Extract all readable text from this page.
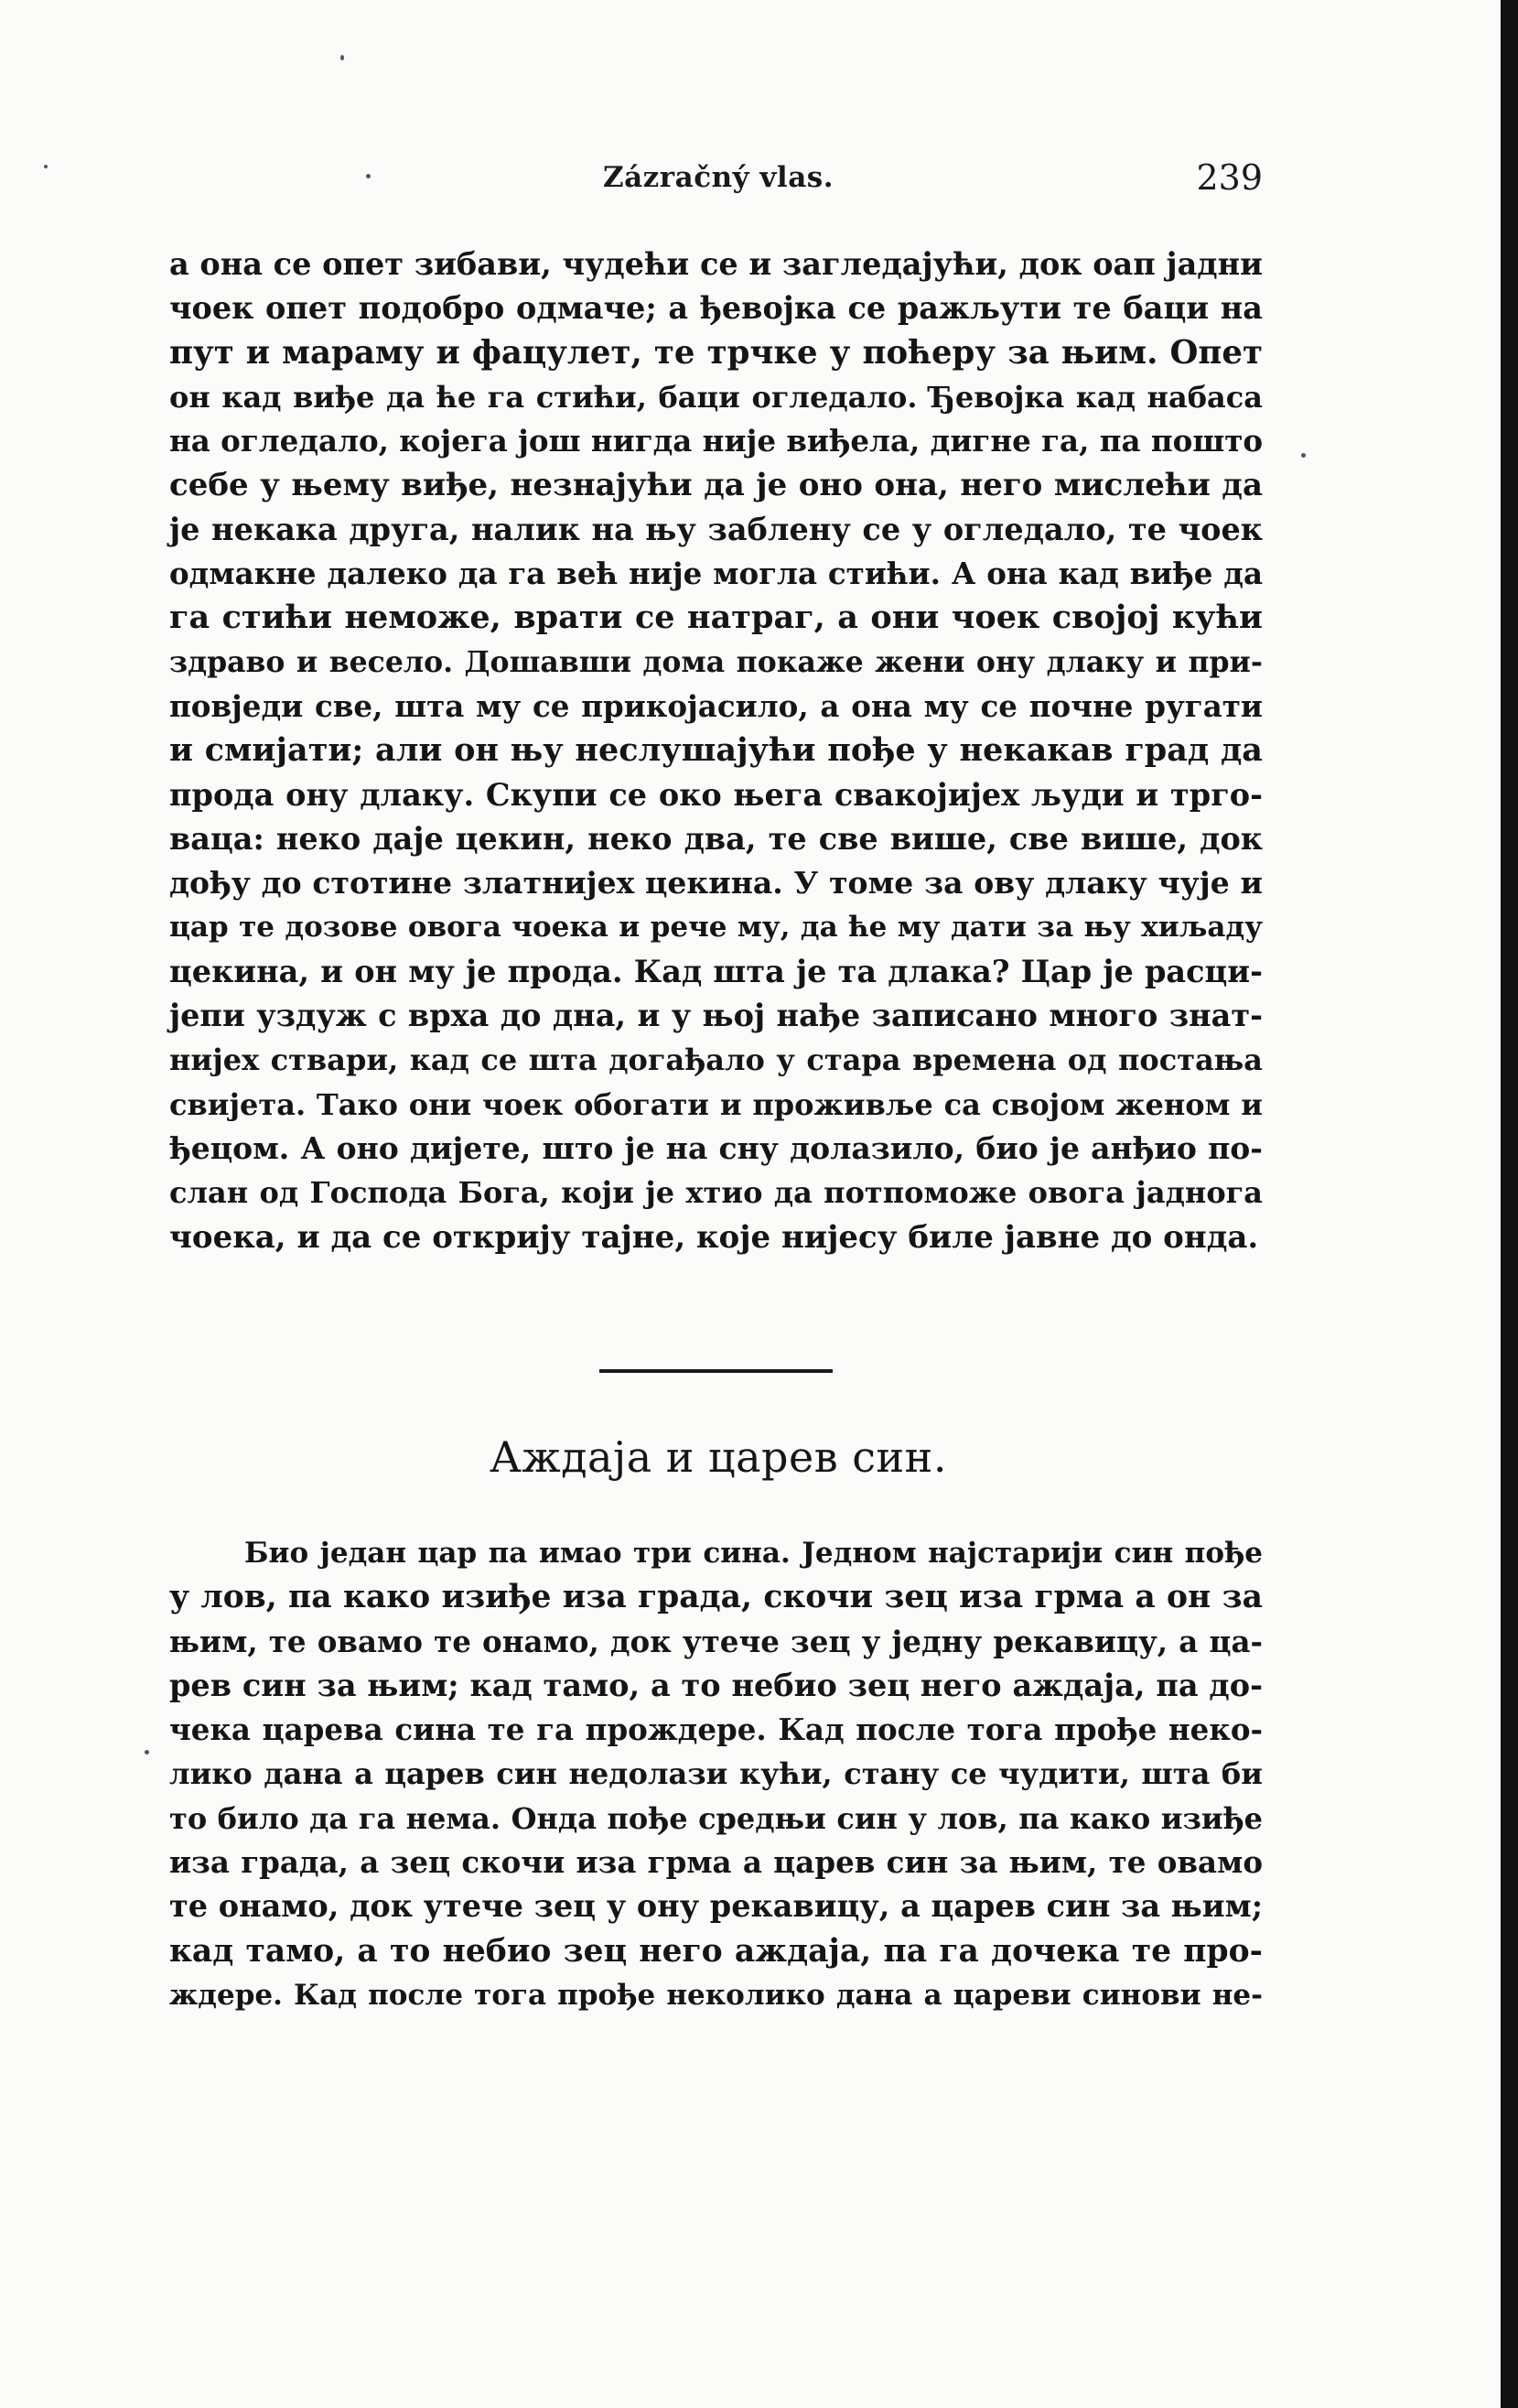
Zázračný vlas.	239
а она се опет зибави, чудећи се и загледајући, док оап јадни
чоек опет подобро одмаче; а ђевојка се ражљути те баци на
пут и мараму и фацулет, те трчке у поћеру за њим. Опет
он кад виђе да ће га стићи, баци огледало. Ђевојка кад набаса
на огледало, којега још нигда није виђела, дигне га, па пошто
себе у њему виђе, незнајући да је оно она, него мислећи да
је некака друга, налик на њу заблену се у огледало, те чоек
одмакне далеко да га већ није могла стићи. А она кад виђе да
га стићи неможе, врати се натраг, а они чоек својој кући
здраво и весело. Дошавши дома покаже жени ону длаку и при-
повједи све, шта му се прикојасило, а она му се почне ругати
и смијати; али он њу неслушајући пођe у некакав град да
прода ону длаку. Скупи се око њега свакојијех људи и трго-
ваца: неко даје цекин, неко два, те све више, све више, док
дођу до стотине златнијех цекина. У томе за ову длаку чује и
цар те дозове овога чоека и рече му, да ће му дати за њу хиљаду
цекина, и он му је прода. Кад шта је та длака? Цар је расци-
јепи уздуж с врха до дна, и у њој нађе записано много знат-
нијех ствари, кад се шта догађало у стара времена од постања
свијета. Тако они чоек обогати и проживље са својом женом и
ђецом. А оно дијете, што је на сну долазило, био је анђио по-
слан од Господа Бога, који је хтио да потпоможе овога јаднога
чоека, и да се открију тајне, које нијесу биле јавне до онда.
Аждаја и царев син.
Био један цар па имао три сина. Једном најстарији син пође
у лов, па како изиђе иза града, скочи зец иза грма а он за
њим, те овамо те онамо, док утече зец у једну рекавицу, а ца-
рев син за њим; кад тамо, а то небио зец него аждаја, па до-
чека царева сина те га прождере. Кад после тога прође неко-
лико дана а царев син недолази кући, стану се чудити, шта би
то било да га нема. Онда пође средњи син у лов, па како изиђе
иза града, а зец скочи иза грма а царев син за њим, те овамо
те онамо, док утече зец у ону рекавицу, а царев син за њим;
кад тамо, а то небио зец него аждаја, па га дочека те про-
ждере. Кад после тога прође неколико дана а цареви синови не-
